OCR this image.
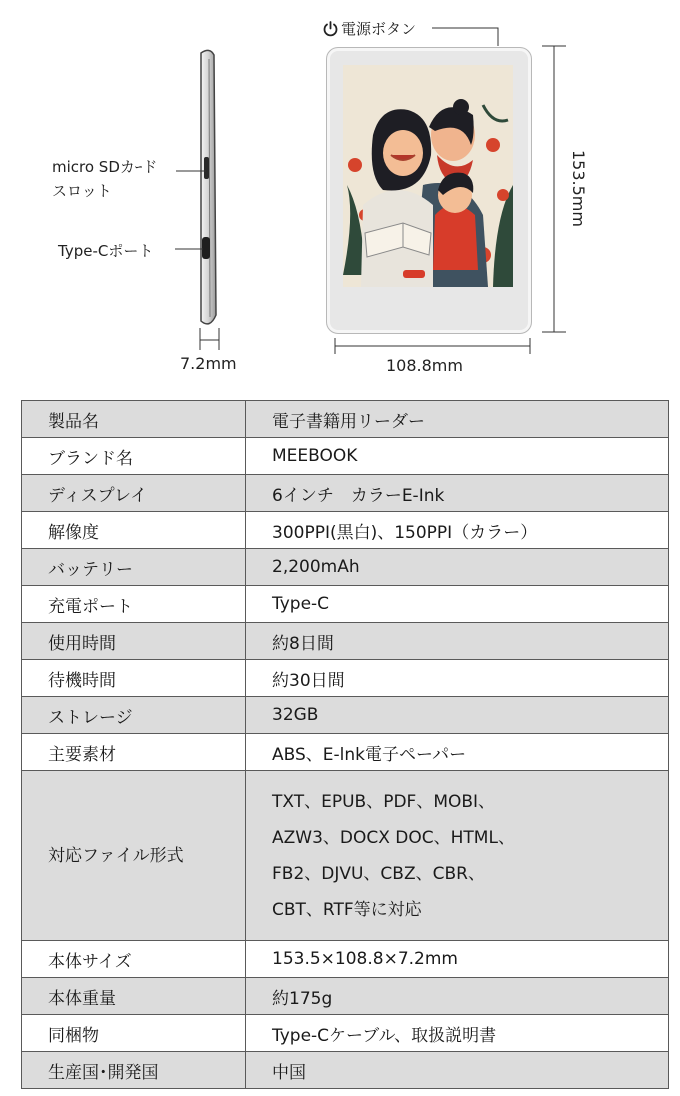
micro SDカｰド
スロット
Type-Cポート
7.2mm
電源ボタン
153.5mm
108.8mm
製品名	電子書籍用リーダー
ブランド名	MEEBOOK
ディスプレイ	6インチ　カラーE-Ink
解像度	300PPI(黒白)、150PPI（カラー）
バッテリー	2,200mAh
充電ポート	Type-C
使用時間	約8日間
待機時間	約30日間
ストレージ	32GB
主要素材	ABS、E-lnk電子ペーパー
対応ファイル形式	TXT、EPUB、PDF、MOBI、
AZW3、DOCX DOC、HTML、
FB2、DJVU、CBZ、CBR、
CBT、RTF等に対応

本体サイズ	153.5×108.8×7.2mm
本体重量	約175g
同梱物	Type-Cケーブル、取扱説明書
生産国･開発国	中国
